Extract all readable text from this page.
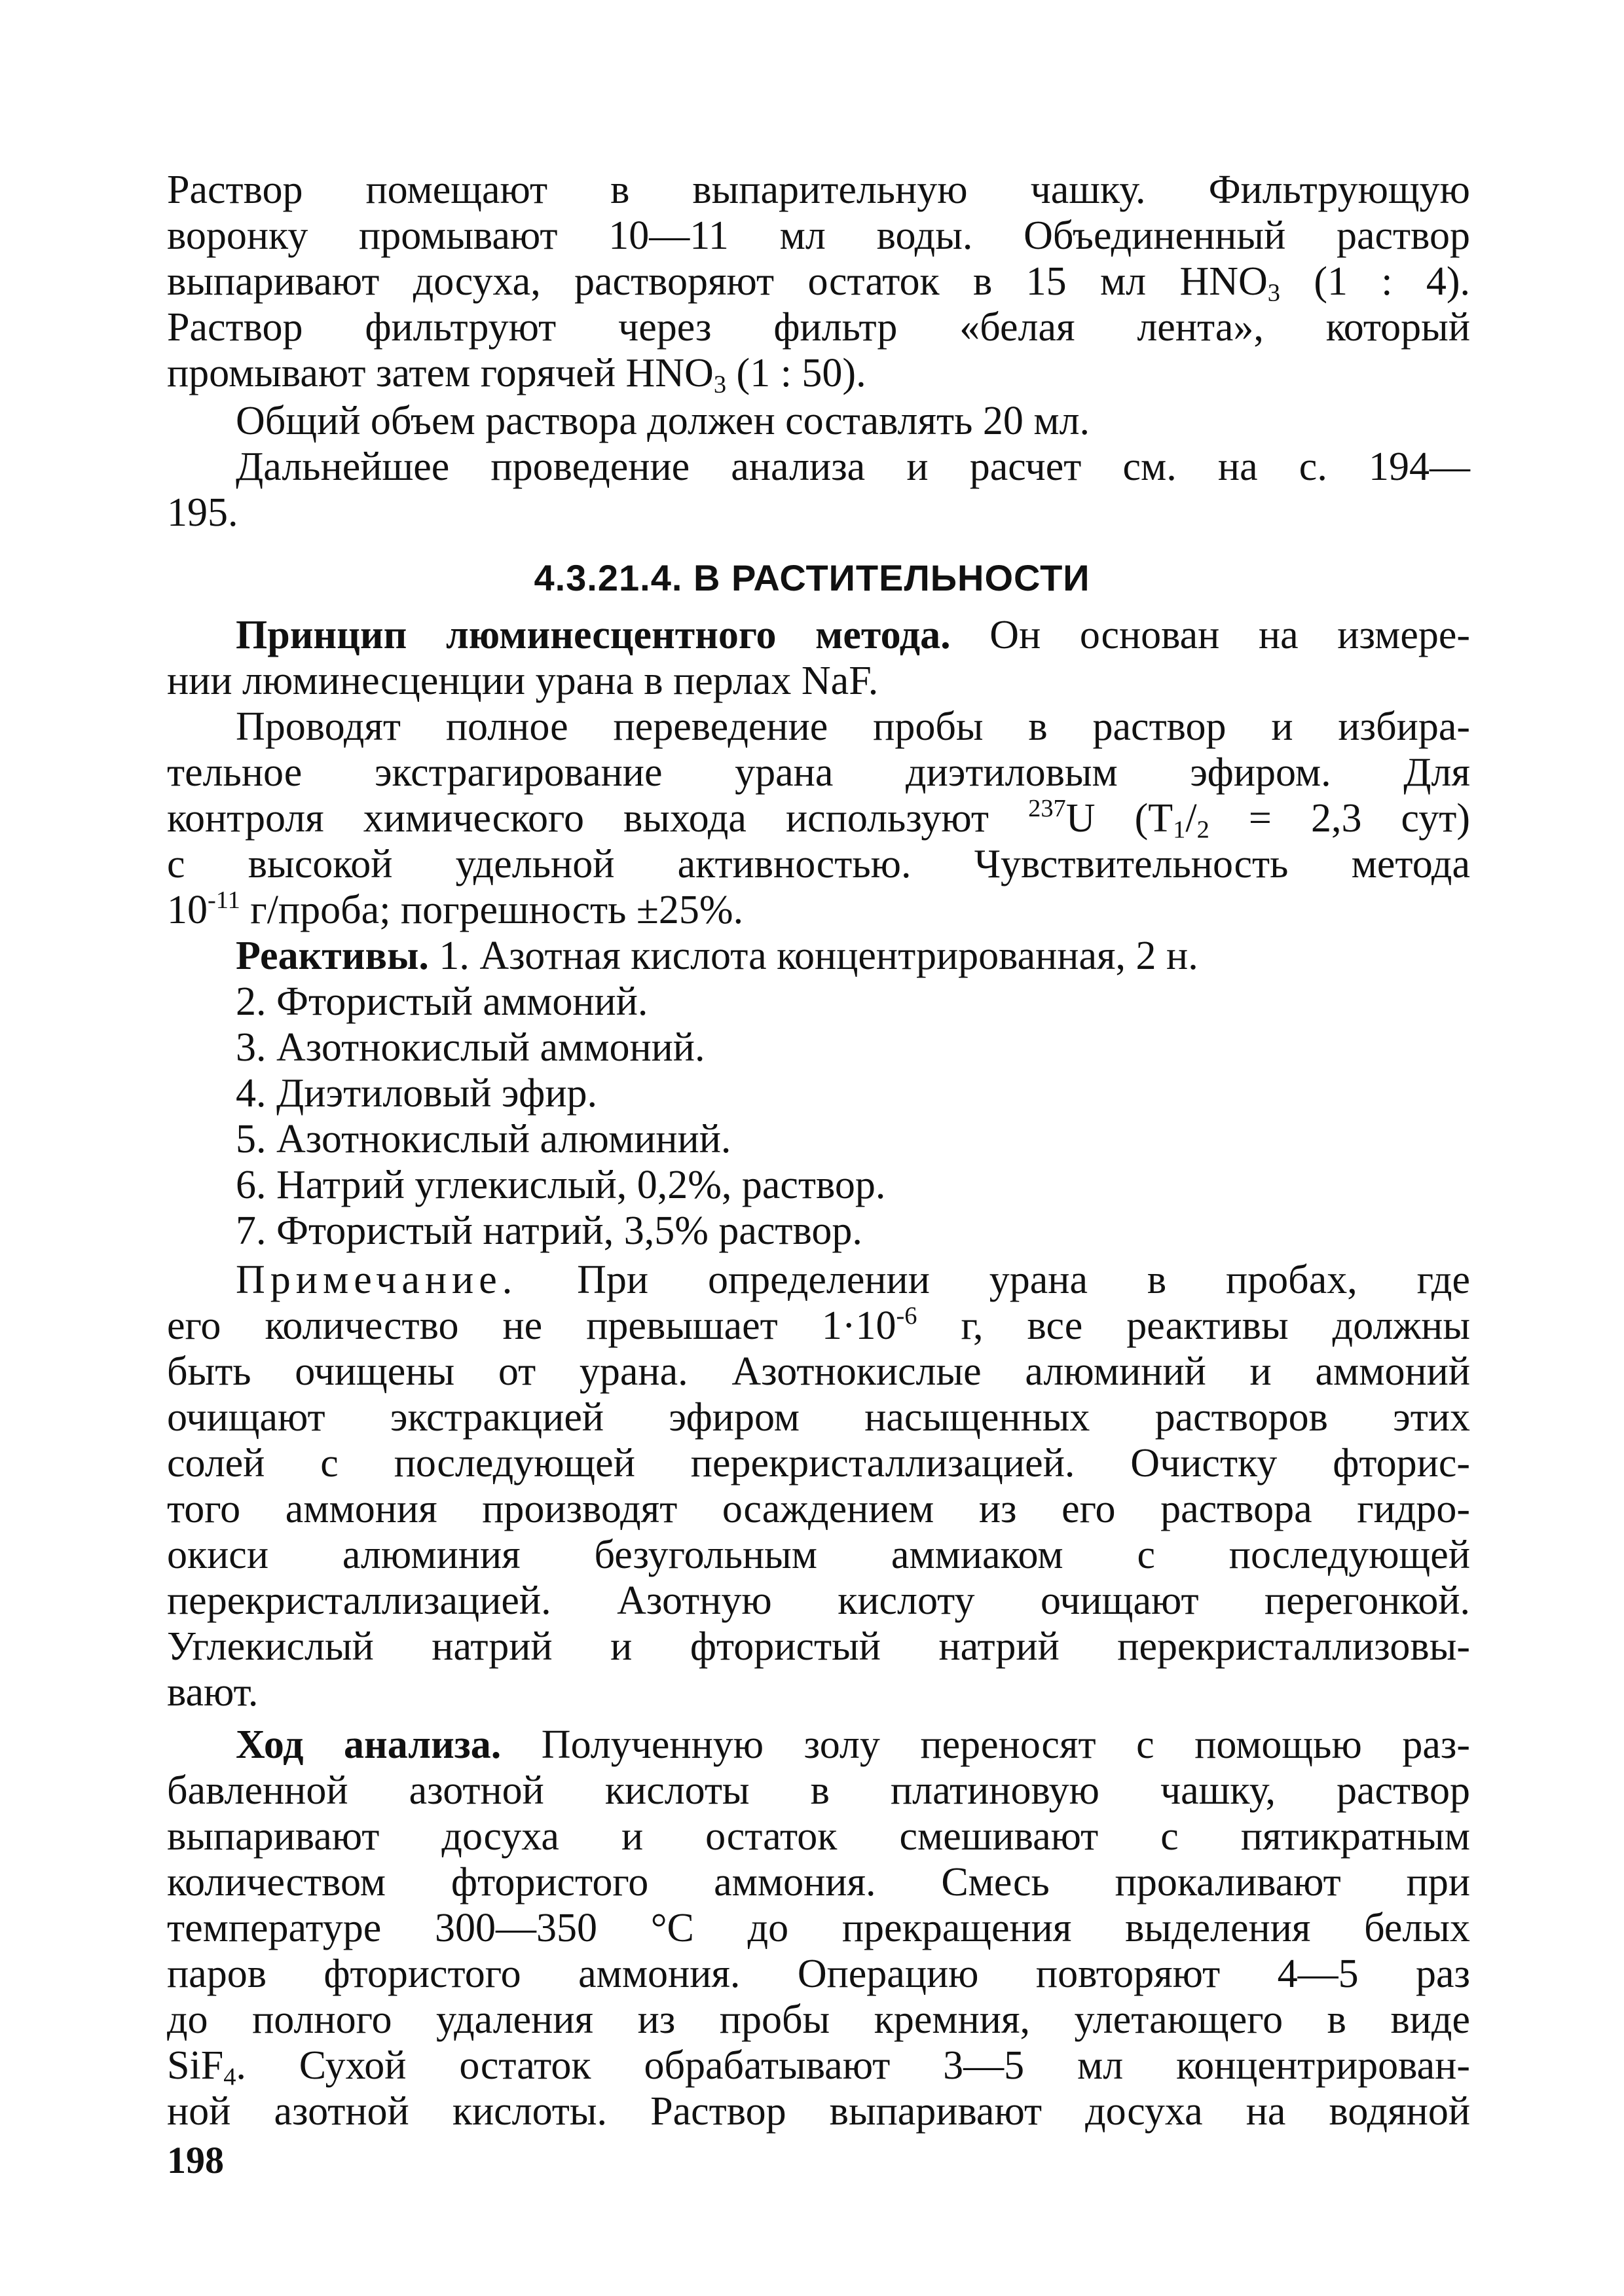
Раствор помещают в выпарительную чашку. Фильтрующую
воронку промывают 10—11 мл воды. Объединенный раствор
выпаривают досуха, растворяют остаток в 15 мл $HNO_3$ (1 : 4).
Раствор фильтруют через фильтр «белая лента», который
промывают затем горячей $HNO_3$ (1 : 50).
Общий объем раствора должен составлять 20 мл.
Дальнейшее проведение анализа и расчет см. на с. 194—
195.
4.3.21.4. В РАСТИТЕЛЬНОСТИ
Принцип люминесцентного метода. Он основан на измере-
нии люминесценции урана в перлах NaF.
Проводят полное переведение пробы в раствор и избира-
тельное экстрагирование урана диэтиловым эфиром. Для
контроля химического выхода используют $^{237}$U ($T_1/_2 = 2,3$ сут)
с высокой удельной активностью. Чувствительность метода
$10^{-11}$ г/проба; погрешность ±25%.
Реактивы. 1. Азотная кислота концентрированная, 2 н.
2. Фтористый аммоний.
3. Азотнокислый аммоний.
4. Диэтиловый эфир.
5. Азотнокислый алюминий.
6. Натрий углекислый, 0,2%, раствор.
7. Фтористый натрий, 3,5% раствор.
Примечание. При определении урана в пробах, где
его количество не превышает $1\cdot 10^{-6}$ г, все реактивы должны
быть очищены от урана. Азотнокислые алюминий и аммоний
очищают экстракцией эфиром насыщенных растворов этих
солей с последующей перекристаллизацией. Очистку фторис-
того аммония производят осаждением из его раствора гидро-
окиси алюминия безугольным аммиаком с последующей
перекристаллизацией. Азотную кислоту очищают перегонкой.
Углекислый натрий и фтористый натрий перекристаллизовы-
вают.
Ход анализа. Полученную золу переносят с помощью раз-
бавленной азотной кислоты в платиновую чашку, раствор
выпаривают досуха и остаток смешивают с пятикратным
количеством фтористого аммония. Смесь прокаливают при
температуре 300—350 °С до прекращения выделения белых
паров фтористого аммония. Операцию повторяют 4—5 раз
до полного удаления из пробы кремния, улетающего в виде
SiF$_4$. Сухой остаток обрабатывают 3—5 мл концентрирован-
ной азотной кислоты. Раствор выпаривают досуха на водяной
198
